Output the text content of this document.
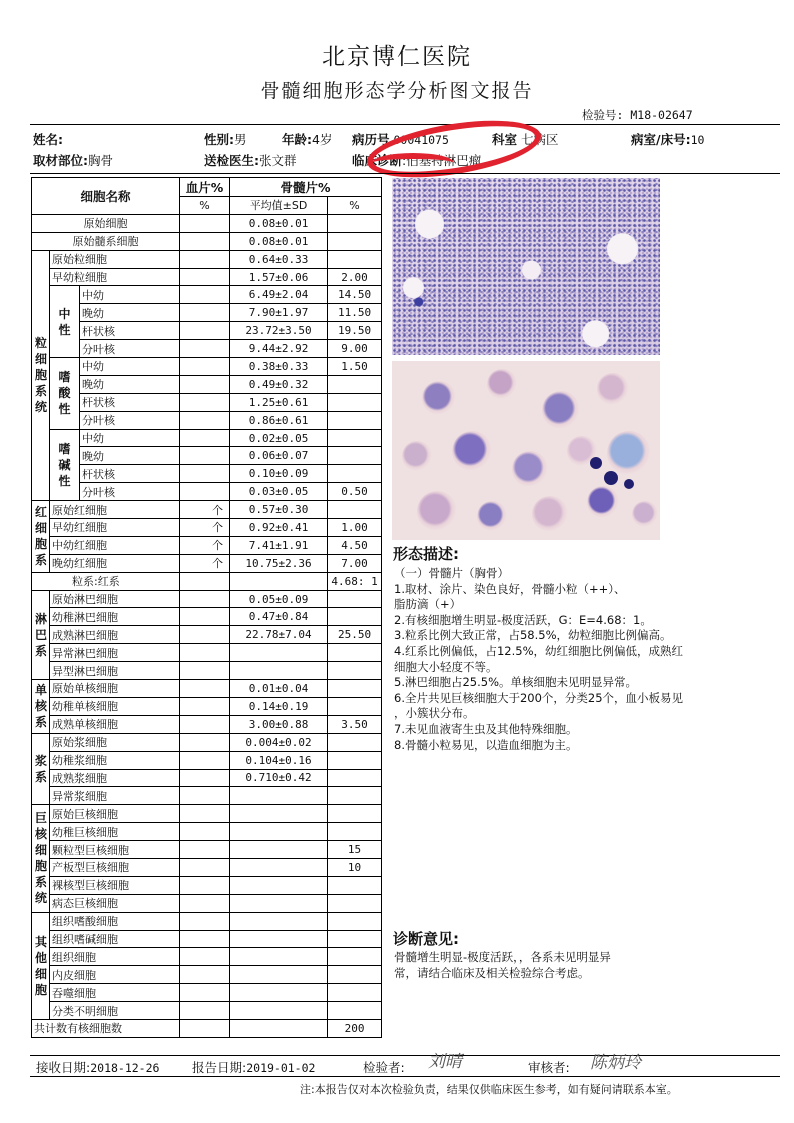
北京博仁医院
骨髓细胞形态学分析图文报告
检验号: M18-02647
姓名:	性别:男	年龄:4岁 病历号 00041075	科室 七病区	病室/床号:10
取材部位:胸骨	送检医生:张文群	临床诊断:伯基特淋巴瘤
细胞名称			血片%	骨髓片%	
			%	平均值±SD	%
原始细胞				0.08±0.01	
原始髓系细胞				0.08±0.01	
粒细胞系统	原始粒细胞			0.64±0.33	
	早幼粒细胞			1.57±0.06	2.00
	中性	中幼		6.49±2.04	14.50
		晚幼		7.90±1.97	11.50
		杆状核		23.72±3.50	19.50
		分叶核		9.44±2.92	9.00
	嗜酸性	中幼		0.38±0.33	1.50
		晚幼		0.49±0.32	
		杆状核		1.25±0.61	
		分叶核		0.86±0.61	
	嗜碱性	中幼		0.02±0.05	
		晚幼		0.06±0.07	
		杆状核		0.10±0.09	
		分叶核		0.03±0.05	0.50
红细胞系	原始红细胞		个	0.57±0.30	
	早幼红细胞		个	0.92±0.41	1.00
	中幼红细胞		个	7.41±1.91	4.50
	晚幼红细胞		个	10.75±2.36	7.00
粒系:红系					4.68: 1
淋巴系	原始淋巴细胞			0.05±0.09	
	幼稚淋巴细胞			0.47±0.84	
	成熟淋巴细胞			22.78±7.04	25.50
	异常淋巴细胞				
	异型淋巴细胞				
单核系	原始单核细胞			0.01±0.04	
	幼稚单核细胞			0.14±0.19	
	成熟单核细胞			3.00±0.88	3.50
浆系	原始浆细胞			0.004±0.02	
	幼稚浆细胞			0.104±0.16	
	成熟浆细胞			0.710±0.42	
	异常浆细胞				
巨核细胞系统	原始巨核细胞				
	幼稚巨核细胞				
	颗粒型巨核细胞				15
	产板型巨核细胞				10
	裸核型巨核细胞				
	病态巨核细胞				
其他细胞	组织嗜酸细胞				
	组织嗜碱细胞				
	组织细胞				
	内皮细胞				
	吞噬细胞				
	分类不明细胞				
共计数有核细胞数					200
形态描述:
（一）骨髓片（胸骨）
1.取材、涂片、染色良好，骨髓小粒（++）、
脂肪滴（+）
2.有核细胞增生明显-极度活跃，G：E=4.68：1。
3.粒系比例大致正常，占58.5%，幼粒细胞比例偏高。
4.红系比例偏低，占12.5%，幼红细胞比例偏低，成熟红
细胞大小轻度不等。
5.淋巴细胞占25.5%。单核细胞未见明显异常。
6.全片共见巨核细胞大于200个，分类25个，血小板易见
，小簇状分布。
7.未见血液寄生虫及其他特殊细胞。
8.骨髓小粒易见，以造血细胞为主。
诊断意见:
骨髓增生明显-极度活跃，，各系未见明显异
常，请结合临床及相关检验综合考虑。
接收日期:2018-12-26	报告日期:2019-01-02	检验者: 刘晴	审核者: 陈炳玲
注:本报告仅对本次检验负责，结果仅供临床医生参考，如有疑问请联系本室。
